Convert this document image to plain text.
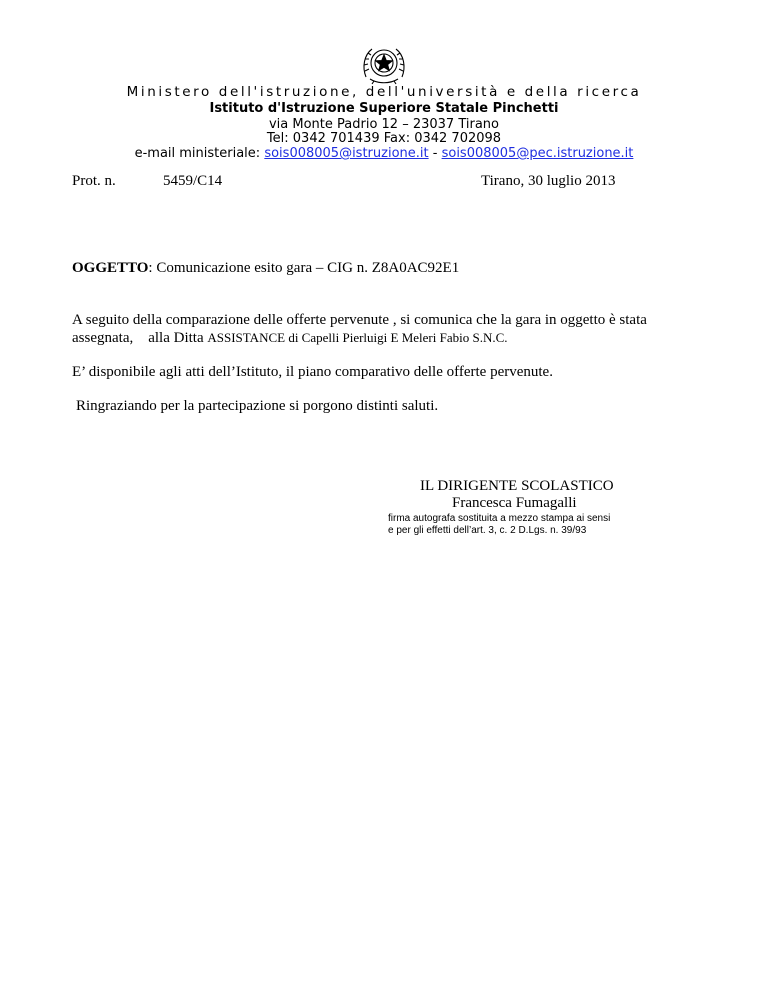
Ministero dell'istruzione, dell'università e della ricerca
Istituto d'Istruzione Superiore Statale Pinchetti
via Monte Padrio 12 – 23037 Tirano
Tel: 0342 701439 Fax: 0342 702098
e-mail ministeriale: sois008005@istruzione.it - sois008005@pec.istruzione.it
Prot. n.	5459/C14	Tirano, 30 luglio 2013
OGGETTO: Comunicazione esito gara – CIG n. Z8A0AC92E1
A seguito della comparazione delle offerte pervenute , si comunica che la gara in oggetto è stata
assegnata,    alla Ditta ASSISTANCE di Capelli Pierluigi E Meleri Fabio S.N.C.
E’ disponibile agli atti dell’Istituto, il piano comparativo delle offerte pervenute.
Ringraziando per la partecipazione si porgono distinti saluti.
IL DIRIGENTE SCOLASTICO
Francesca Fumagalli
firma autografa sostituita a mezzo stampa ai sensi
e per gli effetti dell’art. 3, c. 2 D.Lgs. n. 39/93
